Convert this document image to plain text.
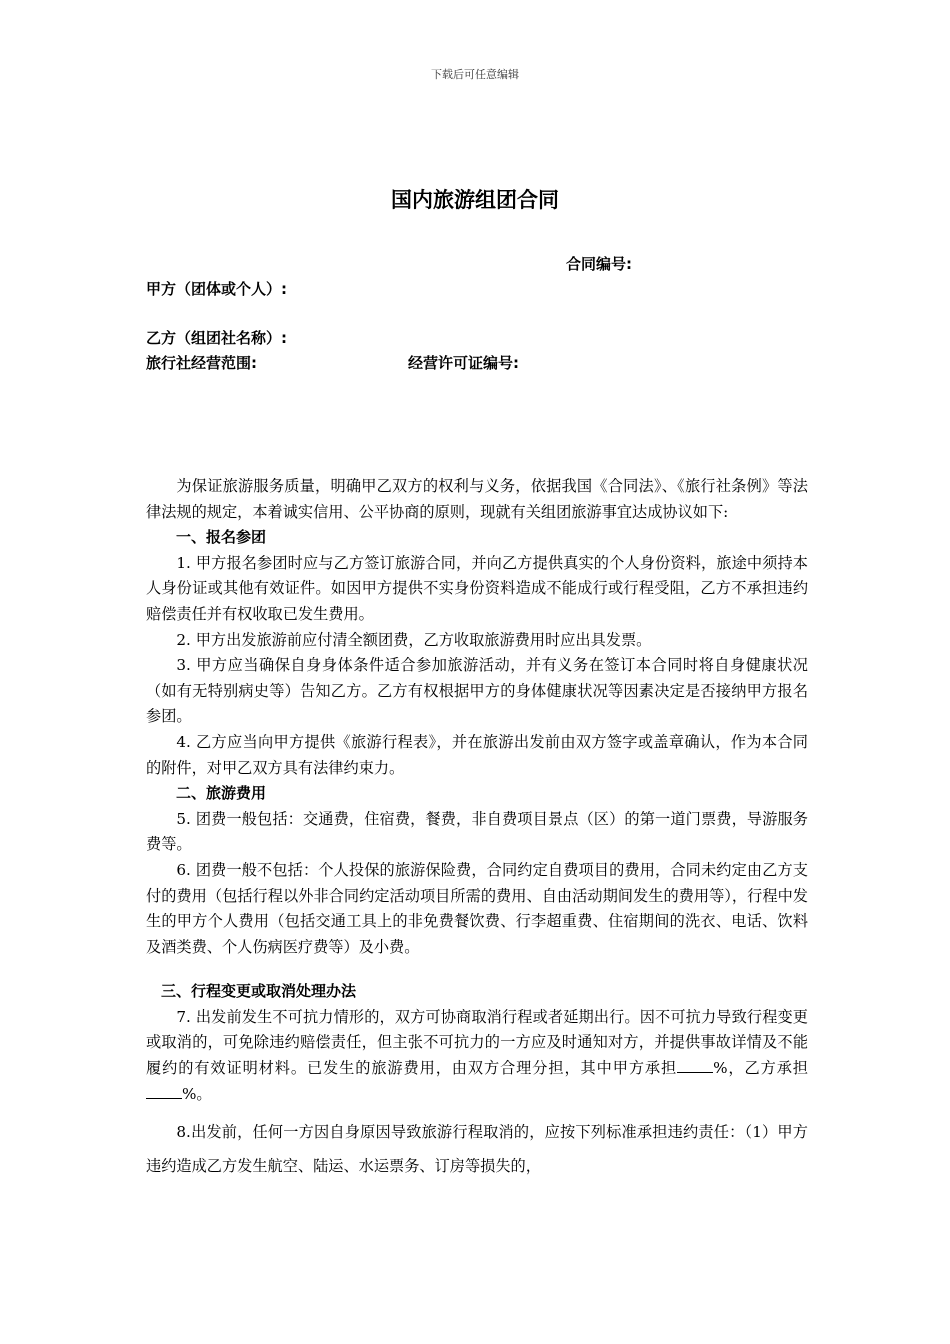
下载后可任意编辑
国内旅游组团合同
合同编号:
甲方（团体或个人）:
乙方（组团社名称）:
旅行社经营范围:	经营许可证编号:

为保证旅游服务质量，明确甲乙双方的权利与义务，依据我国《合同法》、《旅行社条例》等法律法规的规定，本着诚实信用、公平协商的原则，现就有关组团旅游事宜达成协议如下:

一、报名参团

1. 甲方报名参团时应与乙方签订旅游合同，并向乙方提供真实的个人身份资料，旅途中须持本人身份证或其他有效证件。如因甲方提供不实身份资料造成不能成行或行程受阻，乙方不承担违约赔偿责任并有权收取已发生费用。

2. 甲方出发旅游前应付清全额团费，乙方收取旅游费用时应出具发票。

3. 甲方应当确保自身身体条件适合参加旅游活动，并有义务在签订本合同时将自身健康状况（如有无特别病史等）告知乙方。乙方有权根据甲方的身体健康状况等因素决定是否接纳甲方报名参团。

4. 乙方应当向甲方提供《旅游行程表》，并在旅游出发前由双方签字或盖章确认，作为本合同的附件，对甲乙双方具有法律约束力。

二、旅游费用

5. 团费一般包括：交通费，住宿费，餐费，非自费项目景点（区）的第一道门票费，导游服务费等。

6. 团费一般不包括：个人投保的旅游保险费，合同约定自费项目的费用，合同未约定由乙方支付的费用（包括行程以外非合同约定活动项目所需的费用、自由活动期间发生的费用等），行程中发生的甲方个人费用（包括交通工具上的非免费餐饮费、行李超重费、住宿期间的洗衣、电话、饮料及酒类费、个人伤病医疗费等）及小费。

三、行程变更或取消处理办法

7. 出发前发生不可抗力情形的，双方可协商取消行程或者延期出行。因不可抗力导致行程变更或取消的，可免除违约赔偿责任，但主张不可抗力的一方应及时通知对方，并提供事故详情及不能履约的有效证明材料。已发生的旅游费用，由双方合理分担，其中甲方承担 %，乙方承担%。

8.出发前，任何一方因自身原因导致旅游行程取消的，应按下列标准承担违约责任：（1）甲方违约造成乙方发生航空、陆运、水运票务、订房等损失的，
